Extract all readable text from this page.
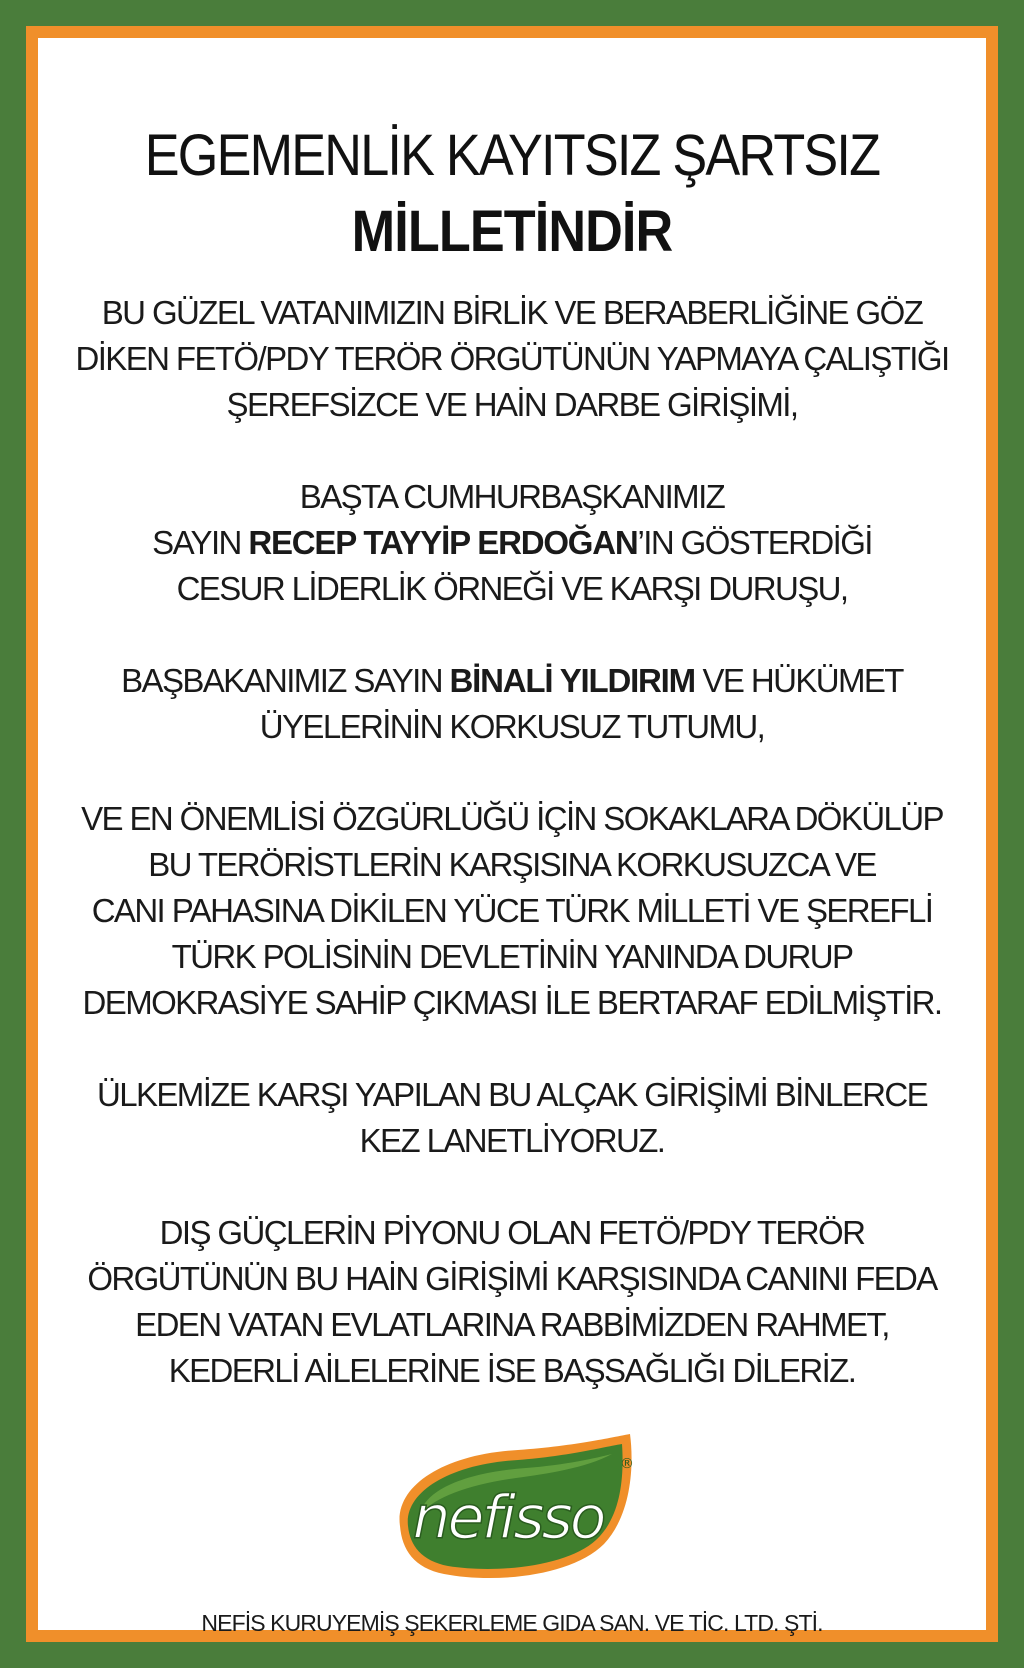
EGEMENLİK KAYITSIZ ŞARTSIZ
MİLLETİNDİR
BU GÜZEL VATANIMIZIN BİRLİK VE BERABERLİĞİNE GÖZ
DİKEN FETÖ/PDY TERÖR ÖRGÜTÜNÜN YAPMAYA ÇALIŞTIĞI
ŞEREFSİZCE VE HAİN DARBE GİRİŞİMİ,
BAŞTA CUMHURBAŞKANIMIZ
SAYIN RECEP TAYYİP ERDOĞAN’IN GÖSTERDİĞİ
CESUR LİDERLİK ÖRNEĞİ VE KARŞI DURUŞU,
BAŞBAKANIMIZ SAYIN BİNALİ YILDIRIM VE HÜKÜMET
ÜYELERİNİN KORKUSUZ TUTUMU,
VE EN ÖNEMLİSİ ÖZGÜRLÜĞÜ İÇİN SOKAKLARA DÖKÜLÜP
BU TERÖRİSTLERİN KARŞISINA KORKUSUZCA VE
CANI PAHASINA DİKİLEN YÜCE TÜRK MİLLETİ VE ŞEREFLİ
TÜRK POLİSİNİN DEVLETİNİN YANINDA DURUP
DEMOKRASİYE SAHİP ÇIKMASI İLE BERTARAF EDİLMİŞTİR.
ÜLKEMİZE KARŞI YAPILAN BU ALÇAK GİRİŞİMİ BİNLERCE
KEZ LANETLİYORUZ.
DIŞ GÜÇLERİN PİYONU OLAN FETÖ/PDY TERÖR
ÖRGÜTÜNÜN BU HAİN GİRİŞİMİ KARŞISINDA CANINI FEDA
EDEN VATAN EVLATLARINA RABBİMİZDEN RAHMET,
KEDERLİ AİLELERİNE İSE BAŞSAĞLIĞI DİLERİZ.
nefisso
®
NEFİS KURUYEMİŞ ŞEKERLEME GIDA SAN. VE TİC. LTD. ŞTİ.
